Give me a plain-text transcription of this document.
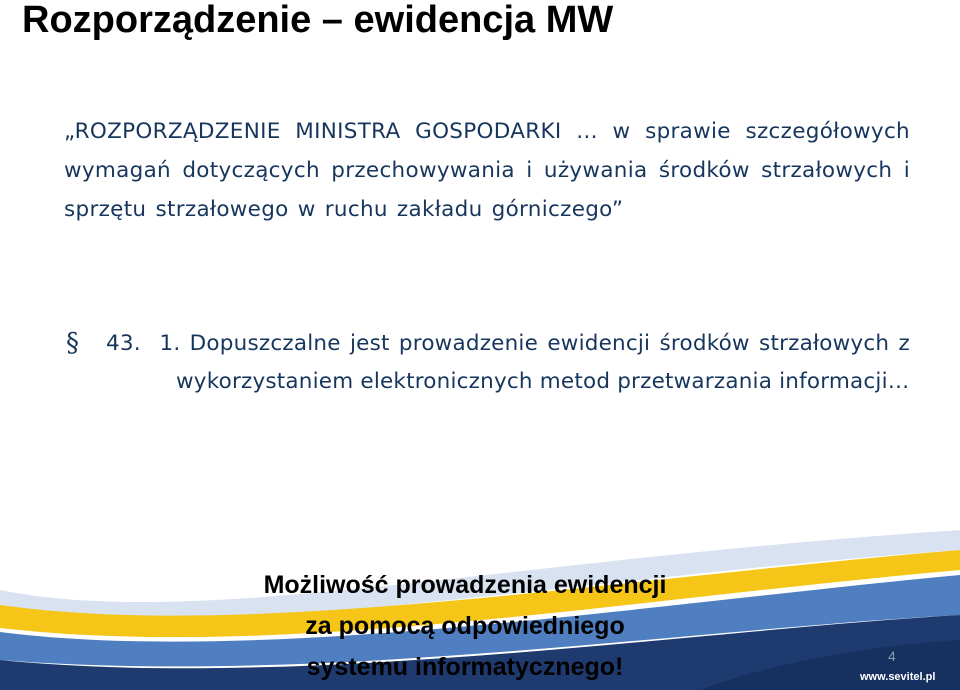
Rozporządzenie – ewidencja MW
„ROZPORZĄDZENIE MINISTRA GOSPODARKI … w sprawie szczegółowych wymagań dotyczących przechowywania i używania środków strzałowych i sprzętu strzałowego w ruchu zakładu górniczego”
§ 43. 1. Dopuszczalne jest prowadzenie ewidencji środków strzałowych z wykorzystaniem elektronicznych metod przetwarzania informacji…
Możliwość prowadzenia ewidencji
za pomocą odpowiedniego
systemu informatycznego!	4
www.sevitel.pl
